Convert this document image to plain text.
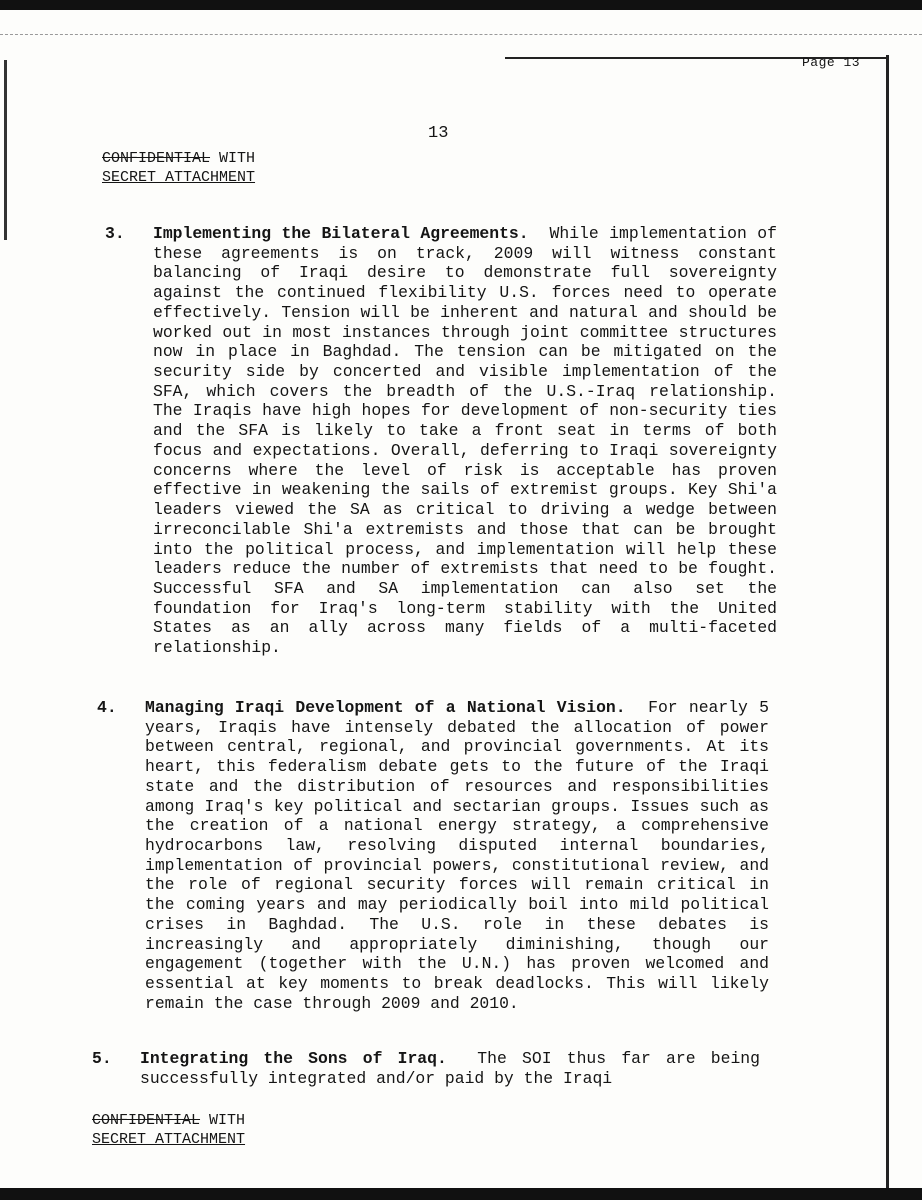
Page 13
13
CONFIDENTIAL WITH
SECRET ATTACHMENT
3. Implementing the Bilateral Agreements. While implementation of these agreements is on track, 2009 will witness constant balancing of Iraqi desire to demonstrate full sovereignty against the continued flexibility U.S. forces need to operate effectively. Tension will be inherent and natural and should be worked out in most instances through joint committee structures now in place in Baghdad. The tension can be mitigated on the security side by concerted and visible implementation of the SFA, which covers the breadth of the U.S.-Iraq relationship. The Iraqis have high hopes for development of non-security ties and the SFA is likely to take a front seat in terms of both focus and expectations. Overall, deferring to Iraqi sovereignty concerns where the level of risk is acceptable has proven effective in weakening the sails of extremist groups. Key Shi'a leaders viewed the SA as critical to driving a wedge between irreconcilable Shi'a extremists and those that can be brought into the political process, and implementation will help these leaders reduce the number of extremists that need to be fought. Successful SFA and SA implementation can also set the foundation for Iraq's long-term stability with the United States as an ally across many fields of a multi-faceted relationship.
4. Managing Iraqi Development of a National Vision. For nearly 5 years, Iraqis have intensely debated the allocation of power between central, regional, and provincial governments. At its heart, this federalism debate gets to the future of the Iraqi state and the distribution of resources and responsibilities among Iraq's key political and sectarian groups. Issues such as the creation of a national energy strategy, a comprehensive hydrocarbons law, resolving disputed internal boundaries, implementation of provincial powers, constitutional review, and the role of regional security forces will remain critical in the coming years and may periodically boil into mild political crises in Baghdad. The U.S. role in these debates is increasingly and appropriately diminishing, though our engagement (together with the U.N.) has proven welcomed and essential at key moments to break deadlocks. This will likely remain the case through 2009 and 2010.
5. Integrating the Sons of Iraq. The SOI thus far are being successfully integrated and/or paid by the Iraqi
CONFIDENTIAL WITH
SECRET ATTACHMENT
